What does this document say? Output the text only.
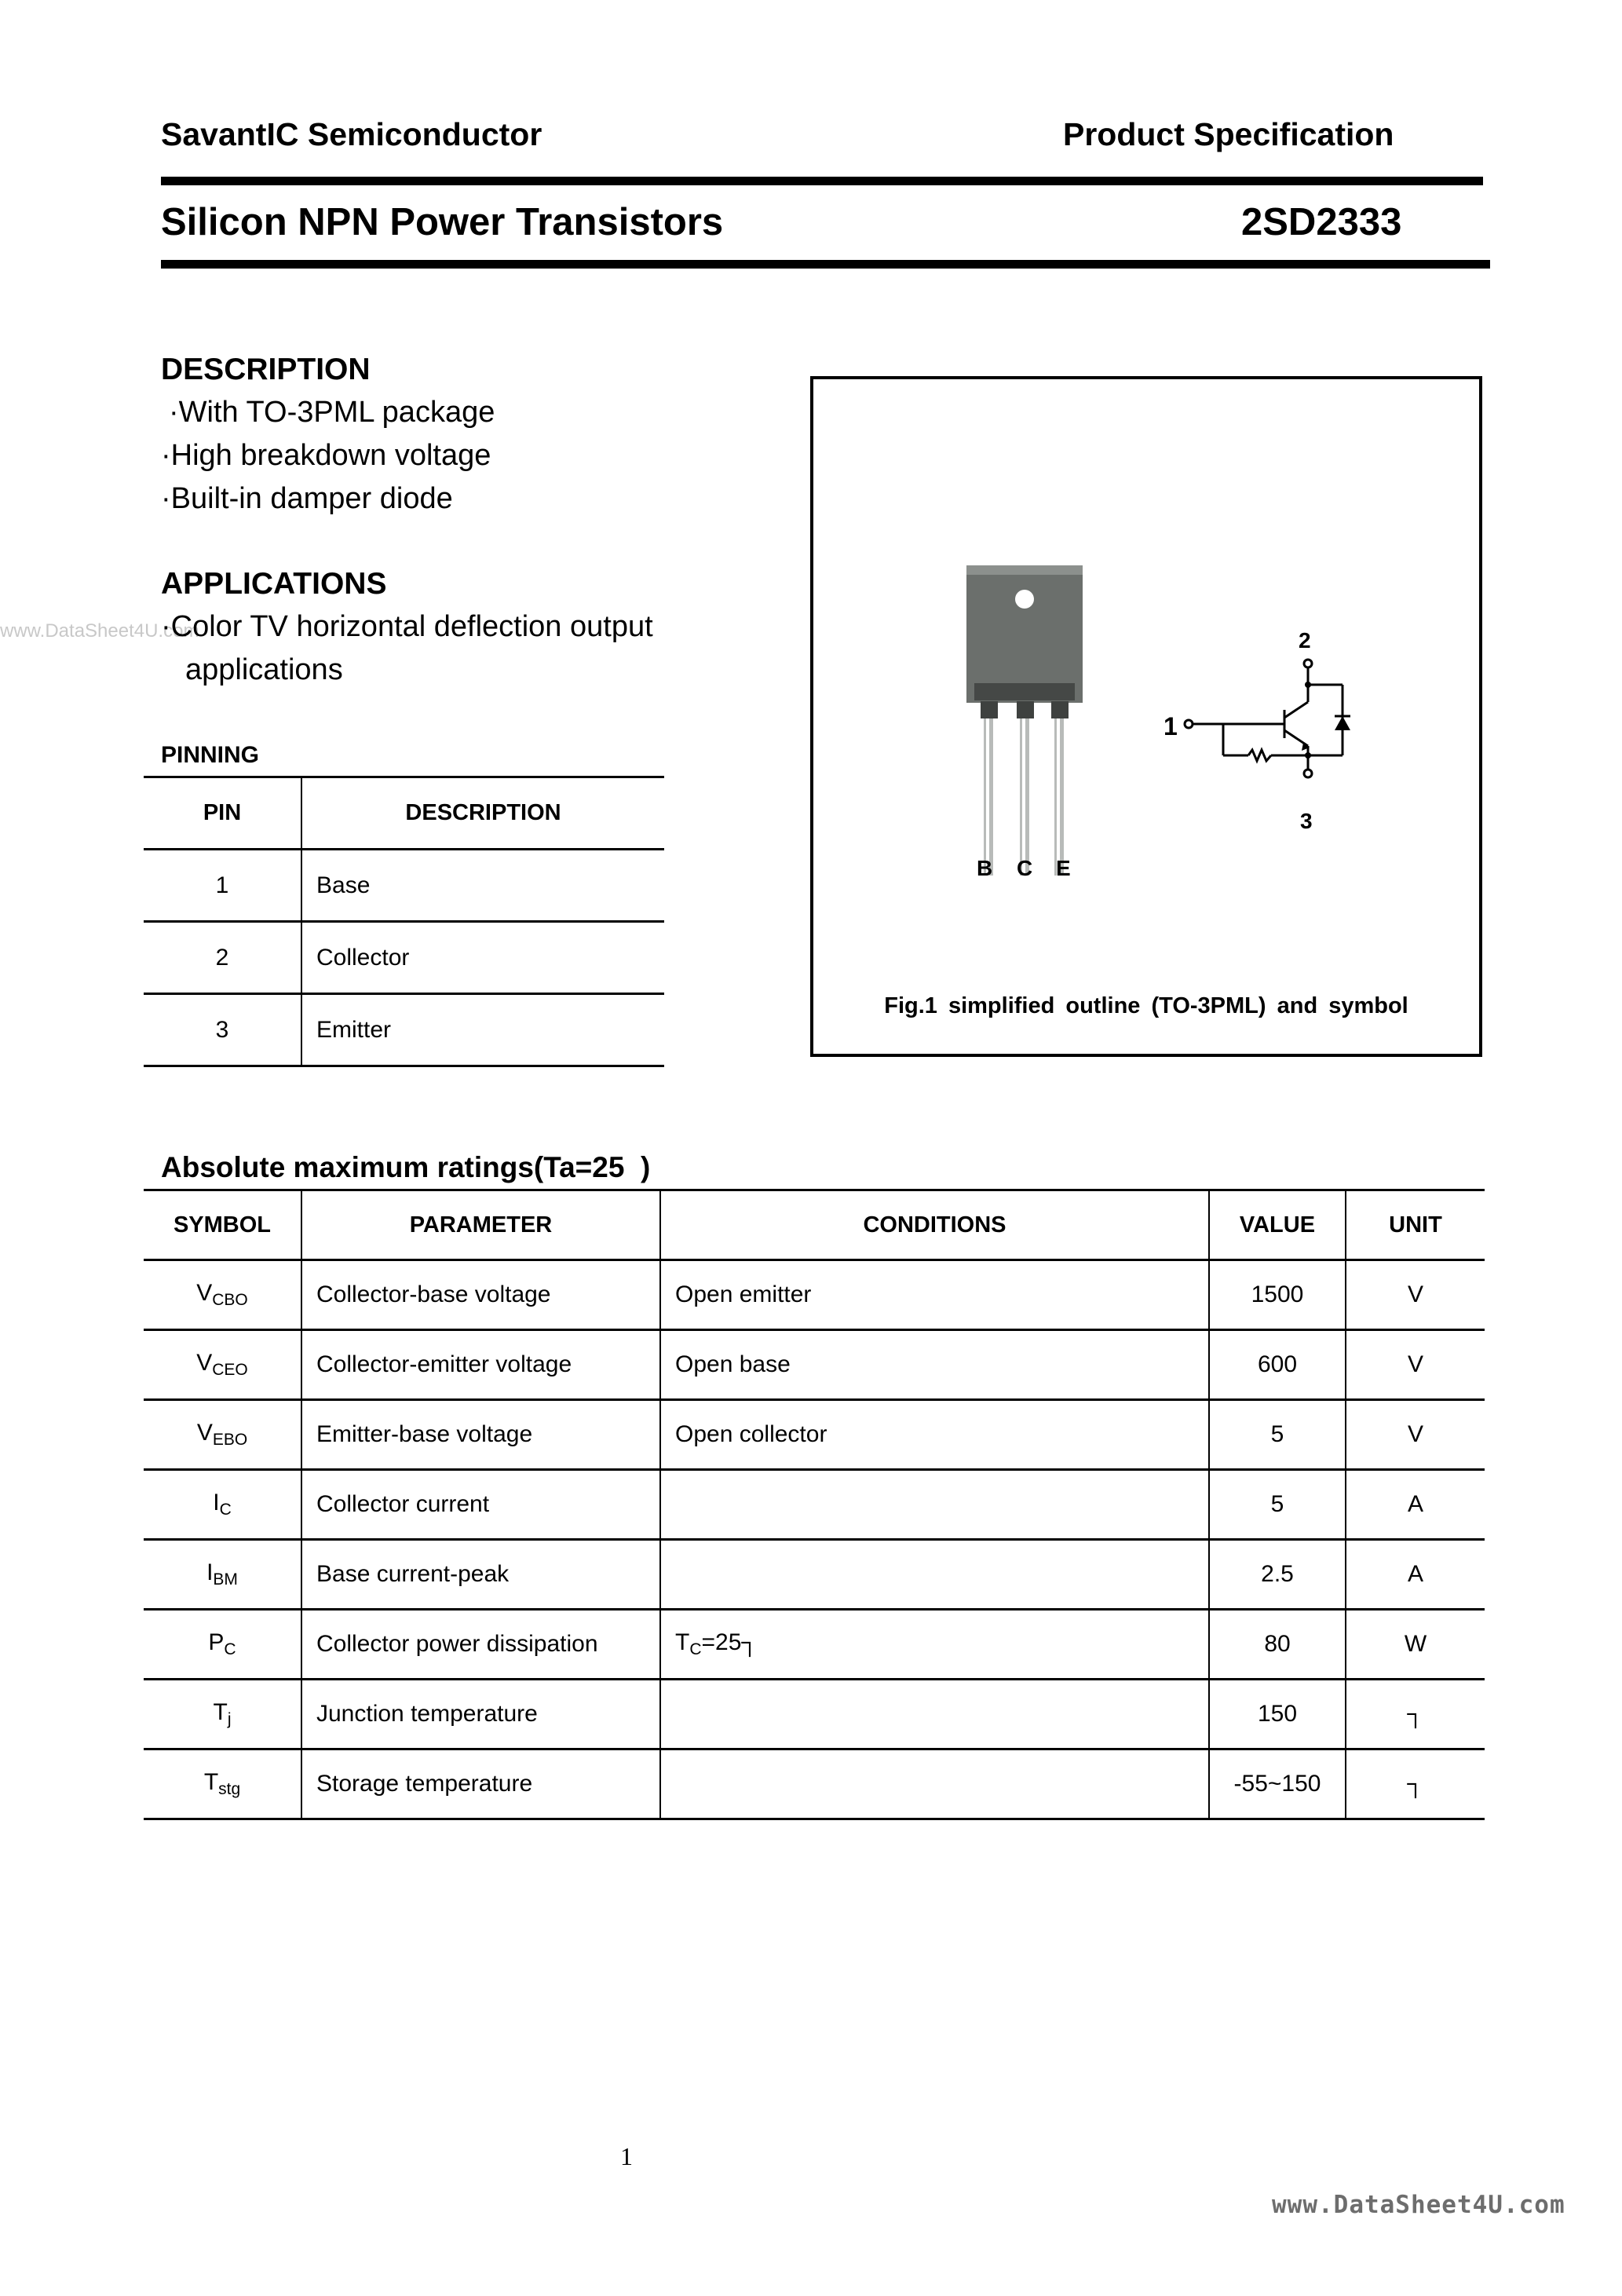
SavantIC Semiconductor	Product Specification
Silicon NPN Power Transistors	2SD2333
DESCRIPTION
·With TO-3PML package
·High breakdown voltage
·Built-in damper diode
APPLICATIONS
www.DataSheet4U.com
·Color TV horizontal deflection output
applications
PINNING
PIN	DESCRIPTION
1	Base
2	Collector
3	Emitter
B C E
1
2
3
Fig.1 simplified outline (TO-3PML) and symbol
Absolute maximum ratings(Ta=25  )
SYMBOL	PARAMETER	CONDITIONS	VALUE	UNIT
$V_{CBO}$	Collector-base voltage	Open emitter	1500	V
$V_{CEO}$	Collector-emitter voltage	Open base	600	V
$V_{EBO}$	Emitter-base voltage	Open collector	5	V
$I_C$	Collector current		5	A
$I_{BM}$	Base current-peak		2.5	A
$P_C$	Collector power dissipation	$T_C=25┐$	80	W
$T_j$	Junction temperature		150	┐
$T_{stg}$	Storage temperature		-55~150	┐
1
www.DataSheet4U.com
